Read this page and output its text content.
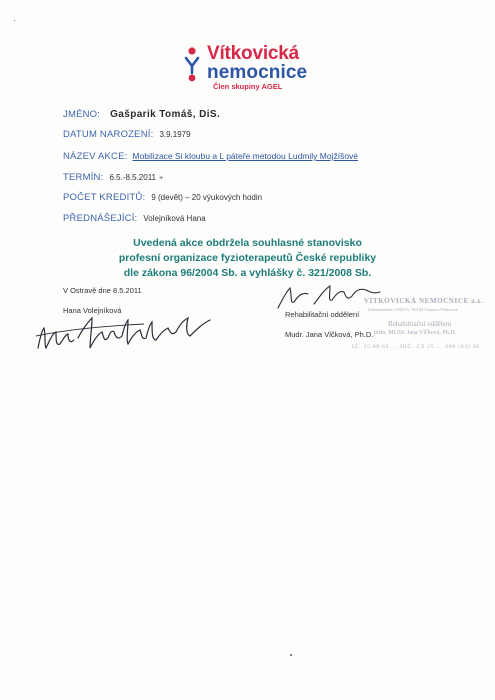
Vítkovická
nemocnice
Člen skupiny AGEL
JMÉNO: Gašparik Tomáš, DiS.
DATUM NAROZENÍ: 3.9.1979
NÁZEV AKCE: Mobilizace Si kloubu a L páteře metodou Ludmily Mojžíšové
TERMÍN: 6.5.-8.5.2011 +
POČET KREDITŮ: 9 (devět) – 20 výukových hodin
PŘEDNÁŠEJÍCÍ: Volejníková Hana
Uvedená akce obdržela souhlasné stanovisko
profesní organizace fyzioterapeutů České republiky
dle zákona 96/2004 Sb. a vyhlášky č. 321/2008 Sb.
V Ostravě dne 8.5.2011
Hana Volejníková	Rehabilitační oddělení
Mudr. Jana Vlčková, Ph.D.
VÍTKOVICKÁ NEMOCNICE a.s.
Zalužanského 1192/15, 703 84 Ostrava-Vítkovice
Rehabilitační oddělení
prim. MUDr. Jana Vlčková, Ph.D.
IČ: 25 88 65 ... DIČ: CZ 25 ... 686 (63) 36
